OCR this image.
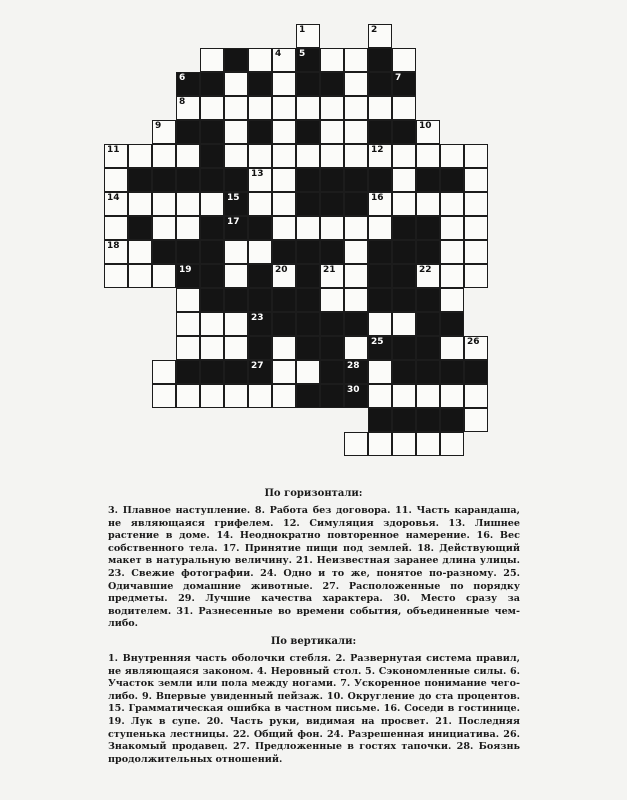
1	2
4 5
6	7
8
9	10
11	12
13
14	15	16
17
18
19	20	21	22
23
25	26
27	28
30
По горизонтали:
3. Плавное наступление. 8. Работа без договора. 11. Часть карандаша, не являющаяся грифелем. 12. Симуляция здоровья. 13. Лишнее растение в доме. 14. Неоднократно повторенное намерение. 16. Вес собственного тела. 17. Принятие пищи под землей. 18. Действующий макет в натуральную величину. 21. Неизвестная заранее длина улицы. 23. Свежие фотографии. 24. Одно и то же, понятое по-разному. 25. Одичавшие домашние животные. 27. Расположенные по порядку предметы. 29. Лучшие качества характера. 30. Место сразу за водителем. 31. Разнесенные во времени события, объединенные чем-либо.
По вертикали:
1. Внутренняя часть оболочки стебля. 2. Развернутая система правил, не являющаяся законом. 4. Неровный стол. 5. Сэкономленные силы. 6. Участок земли или пола между ногами. 7. Ускоренное понимание чего-либо. 9. Впервые увиденный пейзаж. 10. Округление до ста процентов. 15. Грамматическая ошибка в частном письме. 16. Соседи в гостинице. 19. Лук в супе. 20. Часть руки, видимая на просвет. 21. Последняя ступенька лестницы. 22. Общий фон. 24. Разрешенная инициатива. 26. Знакомый продавец. 27. Предложенные в гостях тапочки. 28. Боязнь продолжительных отношений.
